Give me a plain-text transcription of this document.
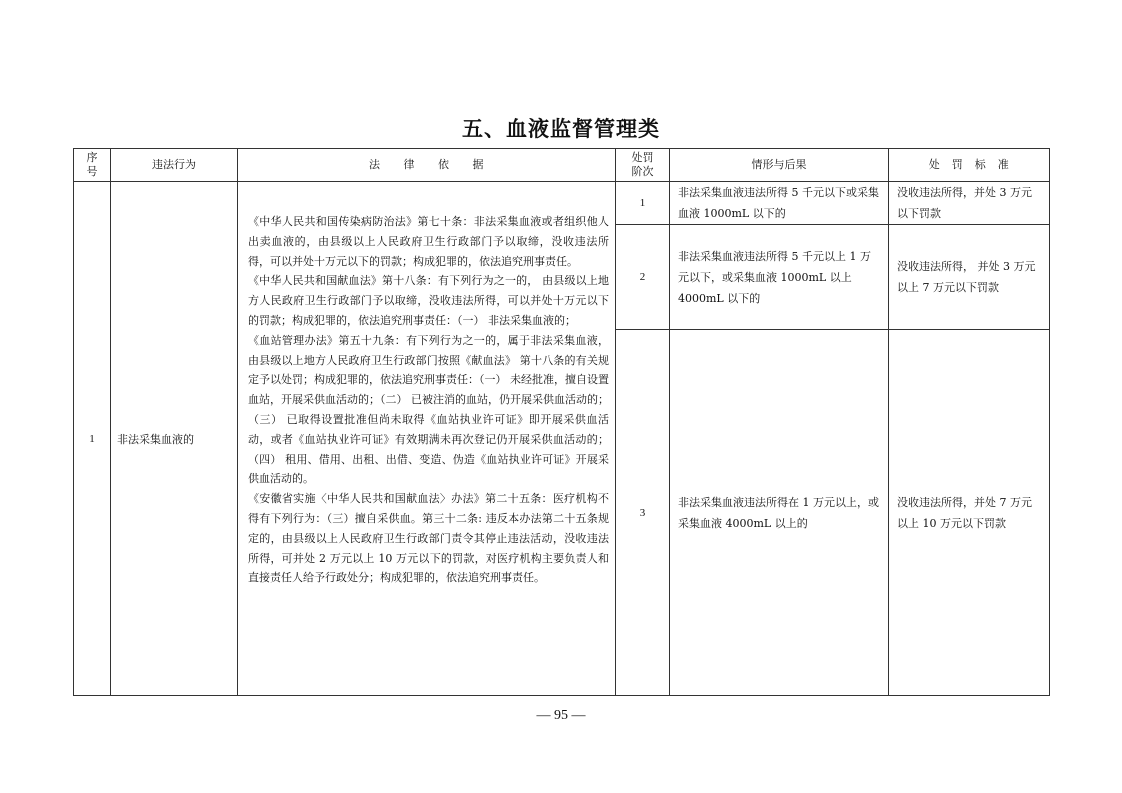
五、血液监督管理类
序号	违法行为	法　　律　　依　　据	处罚阶次	情形与后果	处　罚　标　准
1	非法采集血液的	《中华人民共和国传染病防治法》第七十条：非法采集血液或者组织他人出卖血液的，由县级以上人民政府卫生行政部门予以取缔，没收违法所得，可以并处十万元以下的罚款；构成犯罪的，依法追究刑事责任。

《中华人民共和国献血法》第十八条：有下列行为之一的， 由县级以上地方人民政府卫生行政部门予以取缔，没收违法所得，可以并处十万元以下的罚款；构成犯罪的，依法追究刑事责任：（一） 非法采集血液的；

《血站管理办法》第五十九条：有下列行为之一的，属于非法采集血液，由县级以上地方人民政府卫生行政部门按照《献血法》 第十八条的有关规定予以处罚；构成犯罪的，依法追究刑事责任：（一） 未经批准，擅自设置血站，开展采供血活动的；（二） 已被注消的血站，仍开展采供血活动的；（三） 已取得设置批准但尚未取得《血站执业许可证》即开展采供血活动，或者《血站执业许可证》有效期满未再次登记仍开展采供血活动的；（四） 租用、借用、出租、出借、变造、伪造《血站执业许可证》开展采供血活动的。

《安徽省实施〈中华人民共和国献血法〉办法》第二十五条：医疗机构不得有下列行为：（三）擅自采供血。第三十二条: 违反本办法第二十五条规定的，由县级以上人民政府卫生行政部门责令其停止违法活动，没收违法所得，可并处 2 万元以上 10 万元以下的罚款，对医疗机构主要负责人和直接责任人给予行政处分；构成犯罪的，依法追究刑事责任。	1	非法采集血液违法所得 5 千元以下或采集血液 1000mL 以下的	没收违法所得，并处 3 万元以下罚款
			2	非法采集血液违法所得 5 千元以上 1 万元以下，或采集血液 1000mL 以上 4000mL 以下的	没收违法所得， 并处 3 万元以上 7 万元以下罚款
			3	非法采集血液违法所得在 1 万元以上，或采集血液 4000mL 以上的	没收违法所得，并处 7 万元以上 10 万元以下罚款
— 95 —
